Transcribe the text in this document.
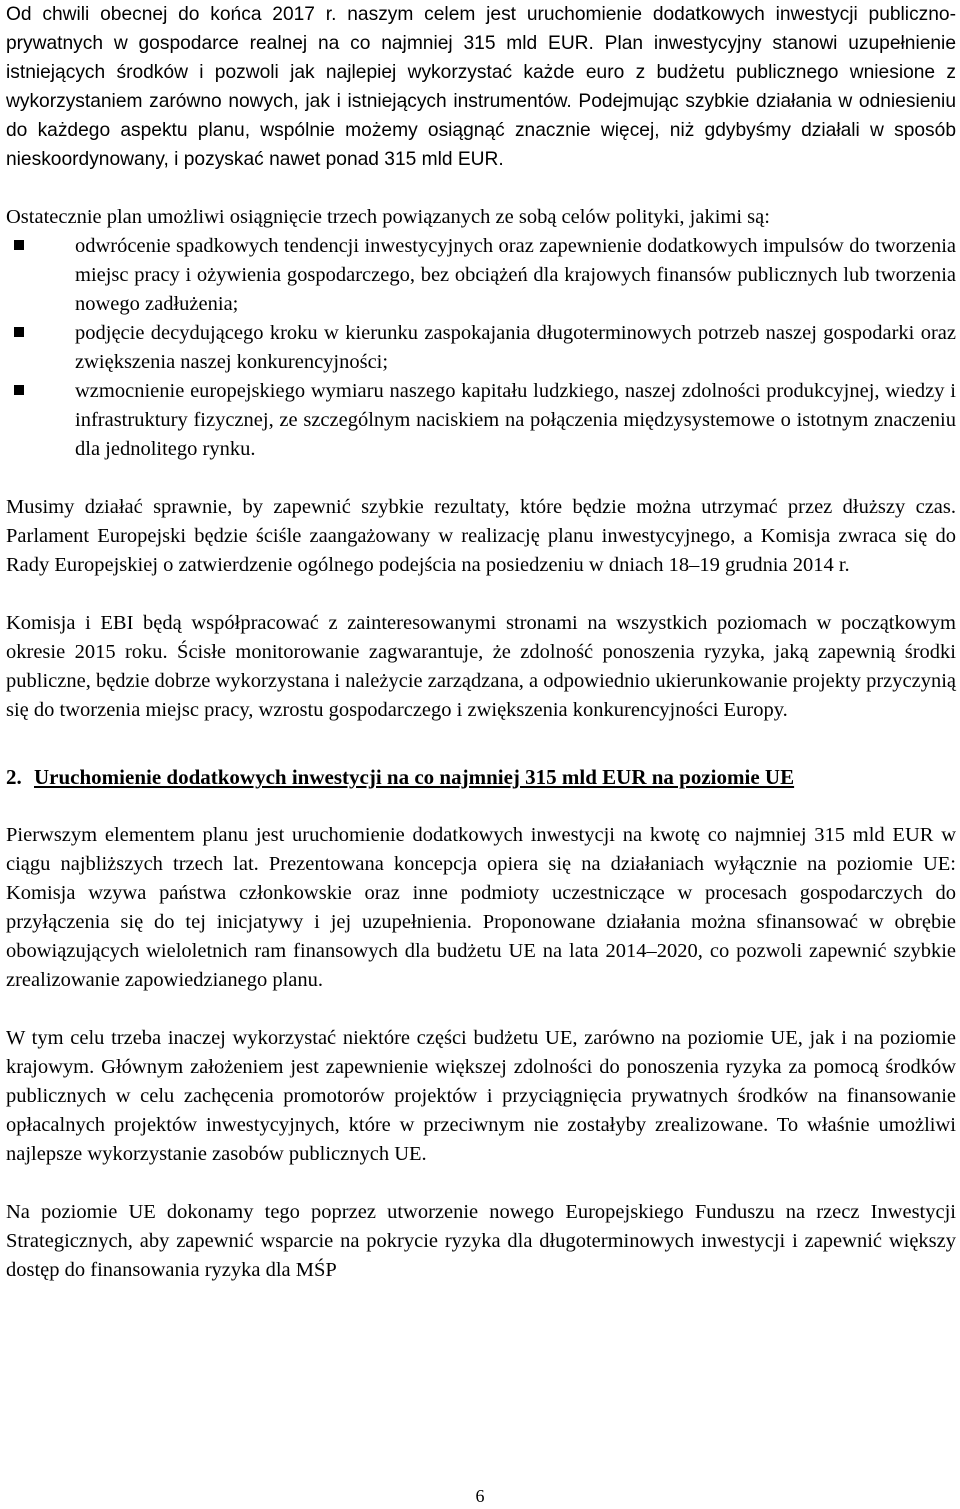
Od chwili obecnej do końca 2017 r. naszym celem jest uruchomienie dodatkowych inwestycji publiczno-prywatnych w gospodarce realnej na co najmniej 315 mld EUR. Plan inwestycyjny stanowi uzupełnienie istniejących środków i pozwoli jak najlepiej wykorzystać każde euro z budżetu publicznego wniesione z wykorzystaniem zarówno nowych, jak i istniejących instrumentów. Podejmując szybkie działania w odniesieniu do każdego aspektu planu, wspólnie możemy osiągnąć znacznie więcej, niż gdybyśmy działali w sposób nieskoordynowany, i pozyskać nawet ponad 315 mld EUR.

Ostatecznie plan umożliwi osiągnięcie trzech powiązanych ze sobą celów polityki, jakimi są:

odwrócenie spadkowych tendencji inwestycyjnych oraz zapewnienie dodatkowych impulsów do tworzenia miejsc pracy i ożywienia gospodarczego, bez obciążeń dla krajowych finansów publicznych lub tworzenia nowego zadłużenia;

podjęcie decydującego kroku w kierunku zaspokajania długoterminowych potrzeb naszej gospodarki oraz zwiększenia naszej konkurencyjności;

wzmocnienie europejskiego wymiaru naszego kapitału ludzkiego, naszej zdolności produkcyjnej, wiedzy i infrastruktury fizycznej, ze szczególnym naciskiem na połączenia międzysystemowe o istotnym znaczeniu dla jednolitego rynku.

Musimy działać sprawnie, by zapewnić szybkie rezultaty, które będzie można utrzymać przez dłuższy czas. Parlament Europejski będzie ściśle zaangażowany w realizację planu inwestycyjnego, a Komisja zwraca się do Rady Europejskiej o zatwierdzenie ogólnego podejścia na posiedzeniu w dniach 18–19 grudnia 2014 r.

Komisja i EBI będą współpracować z zainteresowanymi stronami na wszystkich poziomach w początkowym okresie 2015 roku. Ścisłe monitorowanie zagwarantuje, że zdolność ponoszenia ryzyka, jaką zapewnią środki publiczne, będzie dobrze wykorzystana i należycie zarządzana, a odpowiednio ukierunkowanie projekty przyczynią się do tworzenia miejsc pracy, wzrostu gospodarczego i zwiększenia konkurencyjności Europy.

2. Uruchomienie dodatkowych inwestycji na co najmniej 315 mld EUR na poziomie UE

Pierwszym elementem planu jest uruchomienie dodatkowych inwestycji na kwotę co najmniej 315 mld EUR w ciągu najbliższych trzech lat. Prezentowana koncepcja opiera się na działaniach wyłącznie na poziomie UE: Komisja wzywa państwa członkowskie oraz inne podmioty uczestniczące w procesach gospodarczych do przyłączenia się do tej inicjatywy i jej uzupełnienia. Proponowane działania można sfinansować w obrębie obowiązujących wieloletnich ram finansowych dla budżetu UE na lata 2014–2020, co pozwoli zapewnić szybkie zrealizowanie zapowiedzianego planu.

W tym celu trzeba inaczej wykorzystać niektóre części budżetu UE, zarówno na poziomie UE, jak i na poziomie krajowym. Głównym założeniem jest zapewnienie większej zdolności do ponoszenia ryzyka za pomocą środków publicznych w celu zachęcenia promotorów projektów i przyciągnięcia prywatnych środków na finansowanie opłacalnych projektów inwestycyjnych, które w przeciwnym nie zostałyby zrealizowane. To właśnie umożliwi najlepsze wykorzystanie zasobów publicznych UE.

Na poziomie UE dokonamy tego poprzez utworzenie nowego Europejskiego Funduszu na rzecz Inwestycji Strategicznych, aby zapewnić wsparcie na pokrycie ryzyka dla długoterminowych inwestycji i zapewnić większy dostęp do finansowania ryzyka dla MŚP

6
